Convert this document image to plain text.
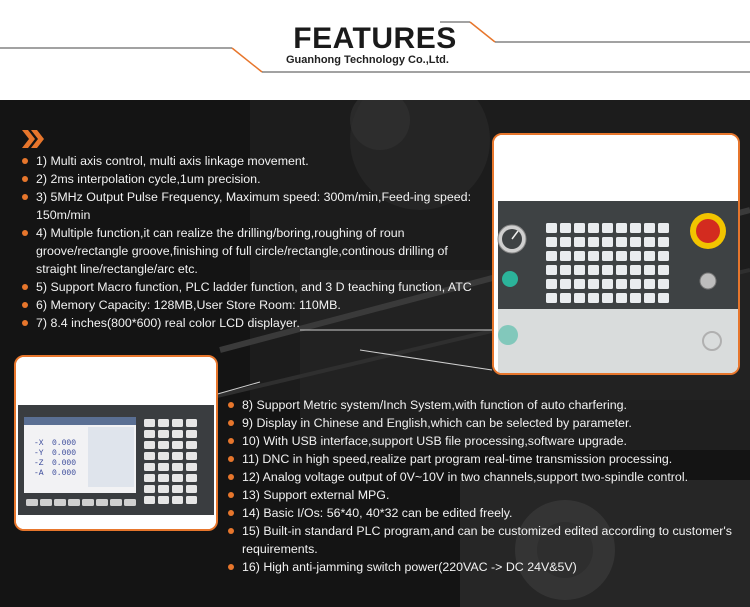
FEATURES
Guanhong Technology Co.,Ltd.
1) Multi axis control, multi axis linkage movement.
2) 2ms interpolation cycle,1um precision.
3) 5MHz Output Pulse Frequency, Maximum speed: 300m/min,Feed-ing speed: 150m/min
4) Multiple function,it can realize the drilling/boring,roughing of roun groove/rectangle groove,finishing of full circle/rectangle,continous drilling of straight line/rectangle/arc etc.
5) Support Macro function, PLC ladder function, and 3 D teaching function, ATC
6) Memory Capacity: 128MB,User Store Room: 110MB.
7) 8.4 inches(800*600) real color LCD displayer.
8) Support Metric system/Inch System,with function of auto charfering.
9) Display in Chinese and English,which can be selected by parameter.
10) With USB interface,support USB file processing,software upgrade.
11) DNC in high speed,realize part program real-time transmission processing.
12) Analog voltage output of 0V~10V in two channels,support two-spindle control.
13) Support external MPG.
14) Basic I/Os: 56*40, 40*32 can be edited freely.
15) Built-in standard PLC program,and can be customized edited according to customer's requirements.
16) High anti-jamming switch power(220VAC -> DC 24V&5V)
-X
-Y
-Z
-A
0.000
0.000
0.000
0.000
